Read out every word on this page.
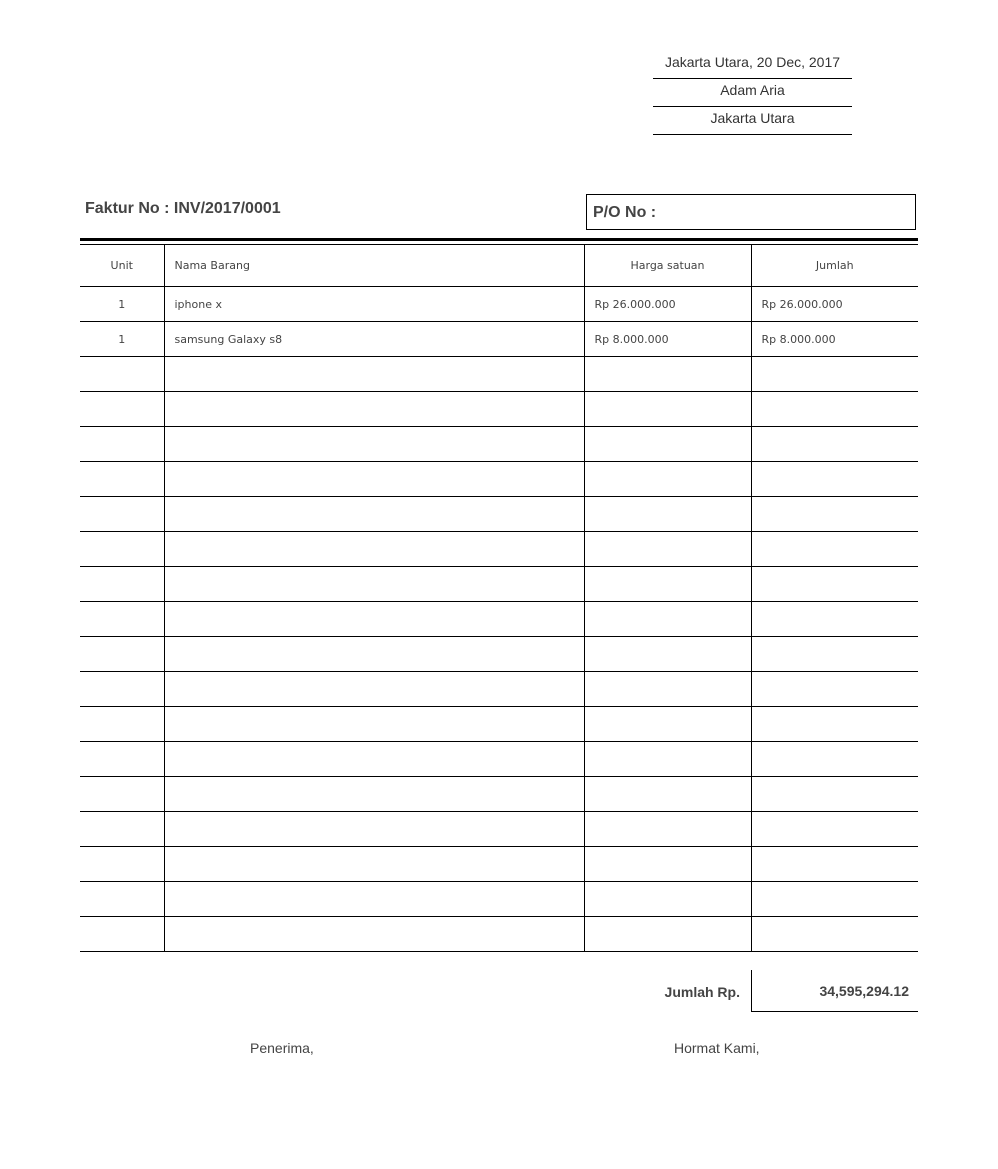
Jakarta Utara, 20 Dec, 2017
Adam Aria
Jakarta Utara
Faktur No : INV/2017/0001	P/O No :
Unit	Nama Barang	Harga satuan	Jumlah
1	iphone x	Rp 26.000.000	Rp 26.000.000
1	samsung Galaxy s8	Rp 8.000.000	Rp 8.000.000

Jumlah Rp.	34,595,294.12
Penerima,	Hormat Kami,
